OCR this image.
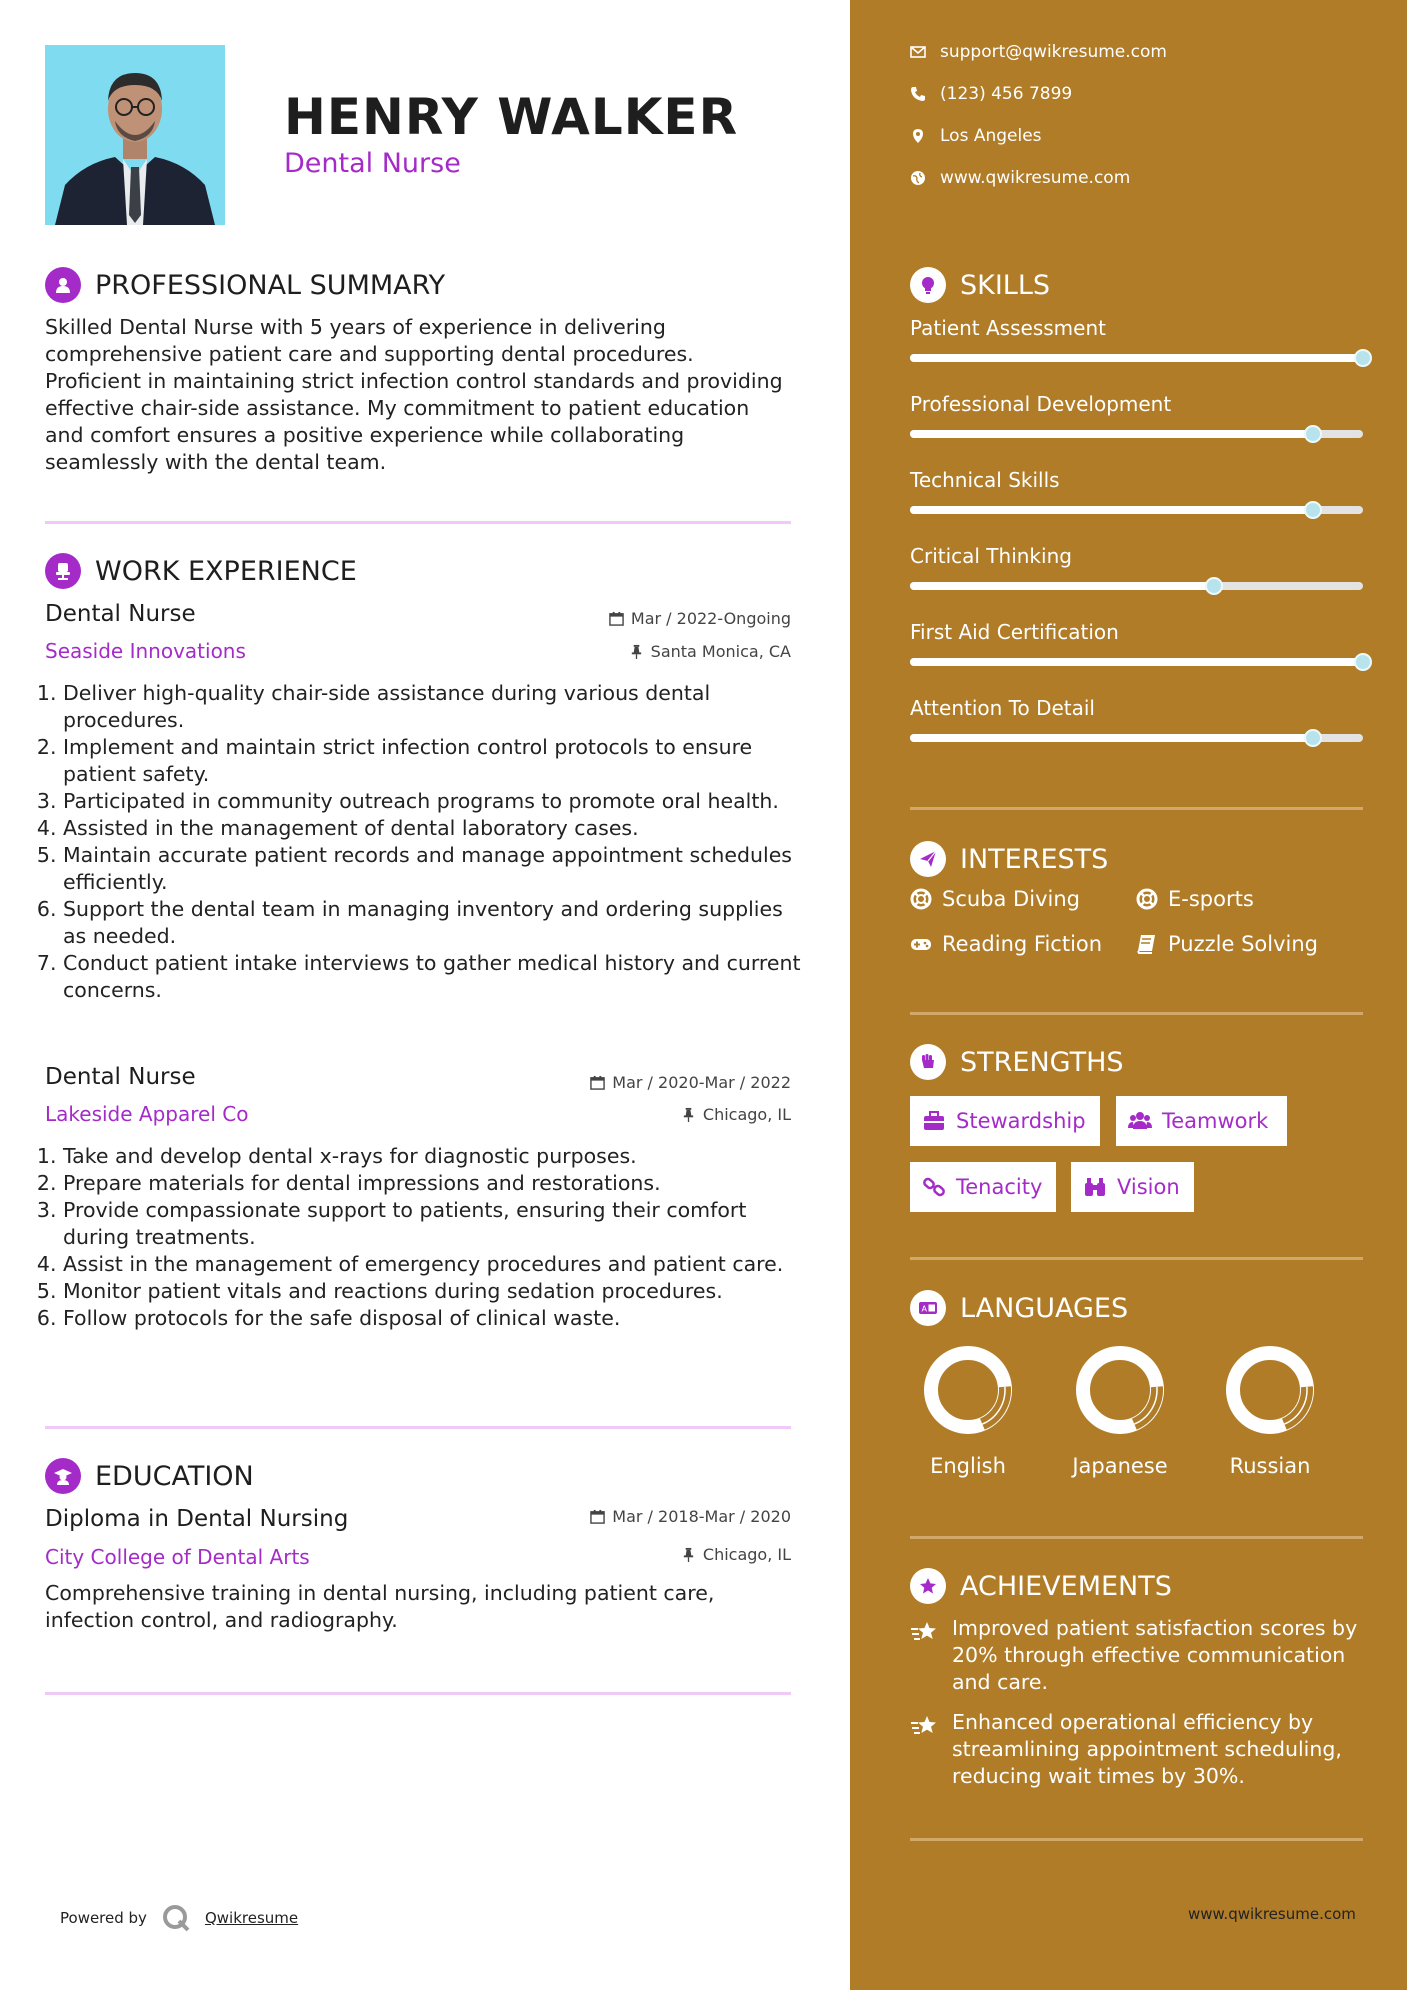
HENRY WALKER
Dental Nurse
PROFESSIONAL SUMMARY
Skilled Dental Nurse with 5 years of experience in delivering comprehensive patient care and supporting dental procedures. Proficient in maintaining strict infection control standards and providing effective chair-side assistance. My commitment to patient education and comfort ensures a positive experience while collaborating seamlessly with the dental team.
WORK EXPERIENCE
Dental Nurse	Mar / 2022-Ongoing
Seaside Innovations	Santa Monica, CA
1. Deliver high-quality chair-side assistance during various dental procedures.
2. Implement and maintain strict infection control protocols to ensure patient safety.
3. Participated in community outreach programs to promote oral health.
4. Assisted in the management of dental laboratory cases.
5. Maintain accurate patient records and manage appointment schedules efficiently.
6. Support the dental team in managing inventory and ordering supplies as needed.
7. Conduct patient intake interviews to gather medical history and current concerns.
Dental Nurse	Mar / 2020-Mar / 2022
Lakeside Apparel Co	Chicago, IL
1. Take and develop dental x-rays for diagnostic purposes.
2. Prepare materials for dental impressions and restorations.
3. Provide compassionate support to patients, ensuring their comfort during treatments.
4. Assist in the management of emergency procedures and patient care.
5. Monitor patient vitals and reactions during sedation procedures.
6. Follow protocols for the safe disposal of clinical waste.
EDUCATION
Diploma in Dental Nursing	Mar / 2018-Mar / 2020
City College of Dental Arts	Chicago, IL
Comprehensive training in dental nursing, including patient care, infection control, and radiography.
Powered by	Qwikresume
support@qwikresume.com
(123) 456 7899
Los Angeles
www.qwikresume.com
SKILLS
INTERESTS
Scuba Diving	E-sports
Reading Fiction	Puzzle Solving
STRENGTHS
Stewardship	Teamwork
Tenacity	Vision
A LANGUAGES
ACHIEVEMENTS
Improved patient satisfaction scores by 20% through effective communication and care.
Enhanced operational efficiency by streamlining appointment scheduling, reducing wait times by 30%.
www.qwikresume.com
Patient Assessment
Professional Development
Technical Skills
Critical Thinking
First Aid Certification
Attention To Detail
English	Japanese	Russian
